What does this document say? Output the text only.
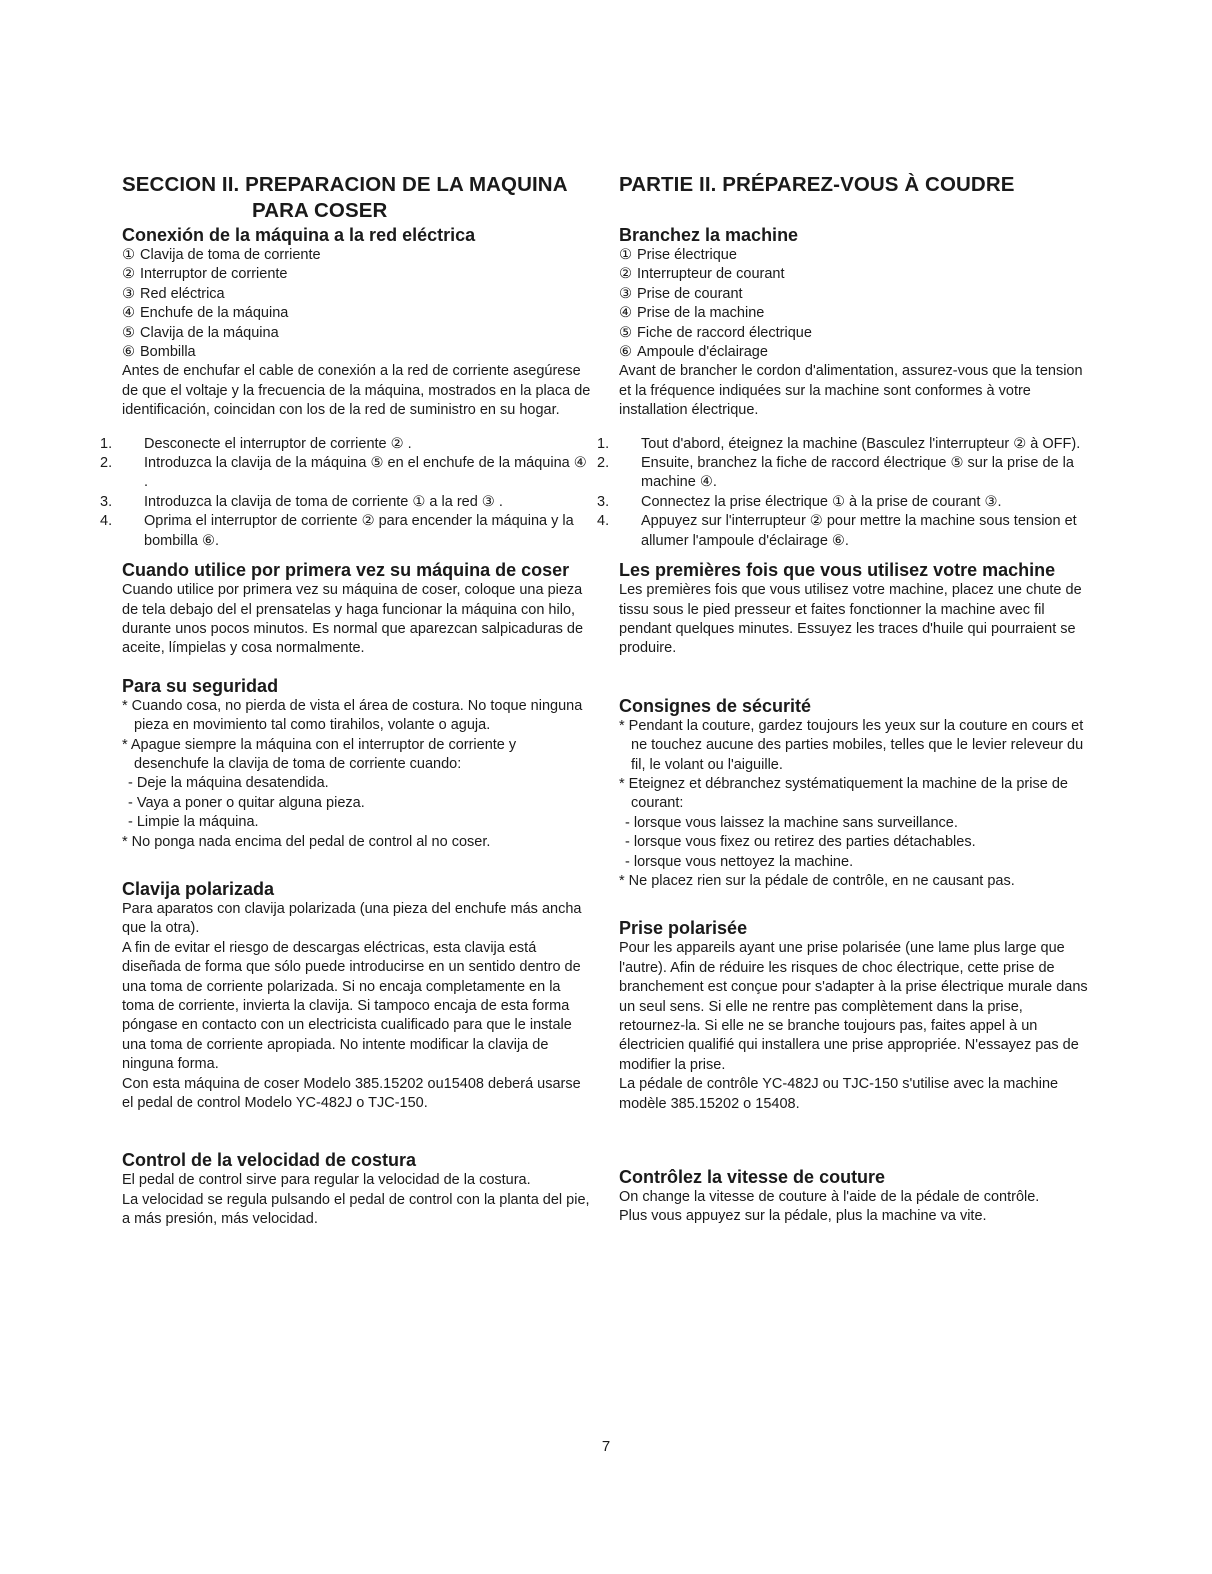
SECCION II. PREPARACION DE LA MAQUINA
PARA COSER
Conexión de la máquina a la red eléctrica
① Clavija de toma de corriente
② Interruptor de corriente
③ Red eléctrica
④ Enchufe de la máquina
⑤ Clavija de la máquina
⑥ Bombilla

Antes de enchufar el cable de conexión a la red de corriente asegúrese de que el voltaje y la frecuencia de la máquina, mostrados en la placa de identificación, coincidan con los de la red de suministro en su hogar.

1. Desconecte el interruptor de corriente ② .
2. Introduzca la clavija de la máquina ⑤ en el enchufe de la máquina ④ .
3. Introduzca la clavija de toma de corriente ① a la red ③ .
4. Oprima el interruptor de corriente ② para encender la máquina y la bombilla ⑥.
Cuando utilice por primera vez su máquina de coser

Cuando utilice por primera vez su máquina de coser, coloque una pieza de tela debajo del el prensatelas y haga funcionar la máquina con hilo, durante unos pocos minutos. Es normal que aparezcan salpicaduras de aceite, límpielas y cosa normalmente.

Para su seguridad

* Cuando cosa, no pierda de vista el área de costura. No toque ninguna pieza en movimiento tal como tirahilos, volante o aguja.

* Apague siempre la máquina con el interruptor de corriente y desenchufe la clavija de toma de corriente cuando:

- Deje la máquina desatendida.

- Vaya a poner o quitar alguna pieza.

- Limpie la máquina.

* No ponga nada encima del pedal de control al no coser.

Clavija polarizada

Para aparatos con clavija polarizada (una pieza del enchufe más ancha que la otra).

A fin de evitar el riesgo de descargas eléctricas, esta clavija está diseñada de forma que sólo puede introducirse en un sentido dentro de una toma de corriente polarizada. Si no encaja completamente en la toma de corriente, invierta la clavija. Si tampoco encaja de esta forma póngase en contacto con un electricista cualificado para que le instale una toma de corriente apropiada. No intente modificar la clavija de ninguna forma.

Con esta máquina de coser Modelo 385.15202 ou15408 deberá usarse el pedal de control Modelo YC-482J o TJC-150.

Control de la velocidad de costura

El pedal de control sirve para regular la velocidad de la costura.

La velocidad se regula pulsando el pedal de control con la planta del pie, a más presión, más velocidad.

PARTIE II. PRÉPAREZ-VOUS À COUDRE
Branchez la machine
① Prise électrique
② Interrupteur de courant
③ Prise de courant
④ Prise de la machine
⑤ Fiche de raccord électrique
⑥ Ampoule d'éclairage

Avant de brancher le cordon d'alimentation, assurez-vous que la tension et la fréquence indiquées sur la machine sont conformes à votre installation électrique.

1. Tout d'abord, éteignez la machine (Basculez l'interrupteur ② à OFF).
2. Ensuite, branchez la fiche de raccord électrique ⑤ sur la prise de la machine ④.
3. Connectez la prise électrique ① à la prise de courant ③.
4. Appuyez sur l'interrupteur ② pour mettre la machine sous tension et allumer l'ampoule d'éclairage ⑥.
Les premières fois que vous utilisez votre machine

Les premières fois que vous utilisez votre machine, placez une chute de tissu sous le pied presseur et faites fonctionner la machine avec fil pendant quelques minutes. Essuyez les traces d'huile qui pourraient se produire.

Consignes de sécurité

* Pendant la couture, gardez toujours les yeux sur la couture en cours et ne touchez aucune des parties mobiles, telles que le levier releveur du fil, le volant ou l'aiguille.

* Eteignez et débranchez systématiquement la machine de la prise de courant:

- lorsque vous laissez la machine sans surveillance.

- lorsque vous fixez ou retirez des parties détachables.

- lorsque vous nettoyez la machine.

* Ne placez rien sur la pédale de contrôle, en ne causant pas.

Prise polarisée

Pour les appareils ayant une prise polarisée (une lame plus large que l'autre). Afin de réduire les risques de choc électrique, cette prise de branchement est conçue pour s'adapter à la prise électrique murale dans un seul sens. Si elle ne rentre pas complètement dans la prise, retournez-la. Si elle ne se branche toujours pas, faites appel à un électricien qualifié qui installera une prise appropriée. N'essayez pas de modifier la prise.

La pédale de contrôle YC-482J ou TJC-150 s'utilise avec la machine modèle 385.15202 o 15408.

Contrôlez la vitesse de couture

On change la vitesse de couture à l'aide de la pédale de contrôle.

Plus vous appuyez sur la pédale, plus la machine va vite.

7
